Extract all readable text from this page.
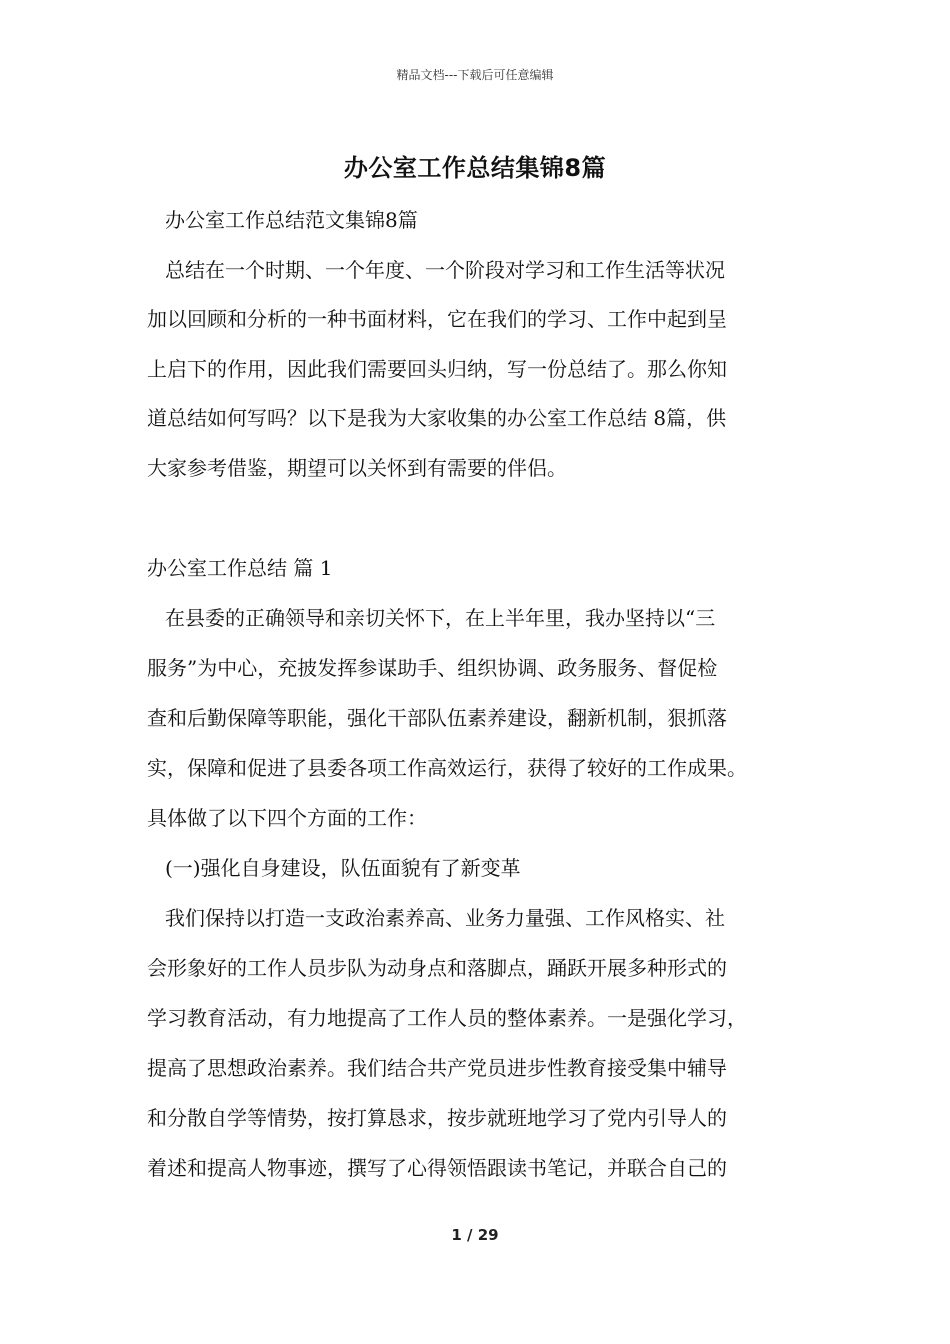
精品文档---下载后可任意编辑
办公室工作总结集锦8篇
办公室工作总结范文集锦8篇
总结在一个时期、一个年度、一个阶段对学习和工作生活等状况
加以回顾和分析的一种书面材料，它在我们的学习、工作中起到呈
上启下的作用，因此我们需要回头归纳，写一份总结了。那么你知
道总结如何写吗？以下是我为大家收集的办公室工作总结 8篇，供
大家参考借鉴，期望可以关怀到有需要的伴侣。
办公室工作总结 篇 1
在县委的正确领导和亲切关怀下，在上半年里，我办坚持以“三
服务”为中心，充披发挥参谋助手、组织协调、政务服务、督促检
查和后勤保障等职能，强化干部队伍素养建设，翻新机制，狠抓落
实，保障和促进了县委各项工作高效运行，获得了较好的工作成果。
具体做了以下四个方面的工作：
(一)强化自身建设，队伍面貌有了新变革
我们保持以打造一支政治素养高、业务力量强、工作风格实、社
会形象好的工作人员步队为动身点和落脚点，踊跃开展多种形式的
学习教育活动，有力地提高了工作人员的整体素养。一是强化学习，
提高了思想政治素养。我们结合共产党员进步性教育接受集中辅导
和分散自学等情势，按打算恳求，按步就班地学习了党内引导人的
着述和提高人物事迹，撰写了心得领悟跟读书笔记，并联合自己的
1 / 29
